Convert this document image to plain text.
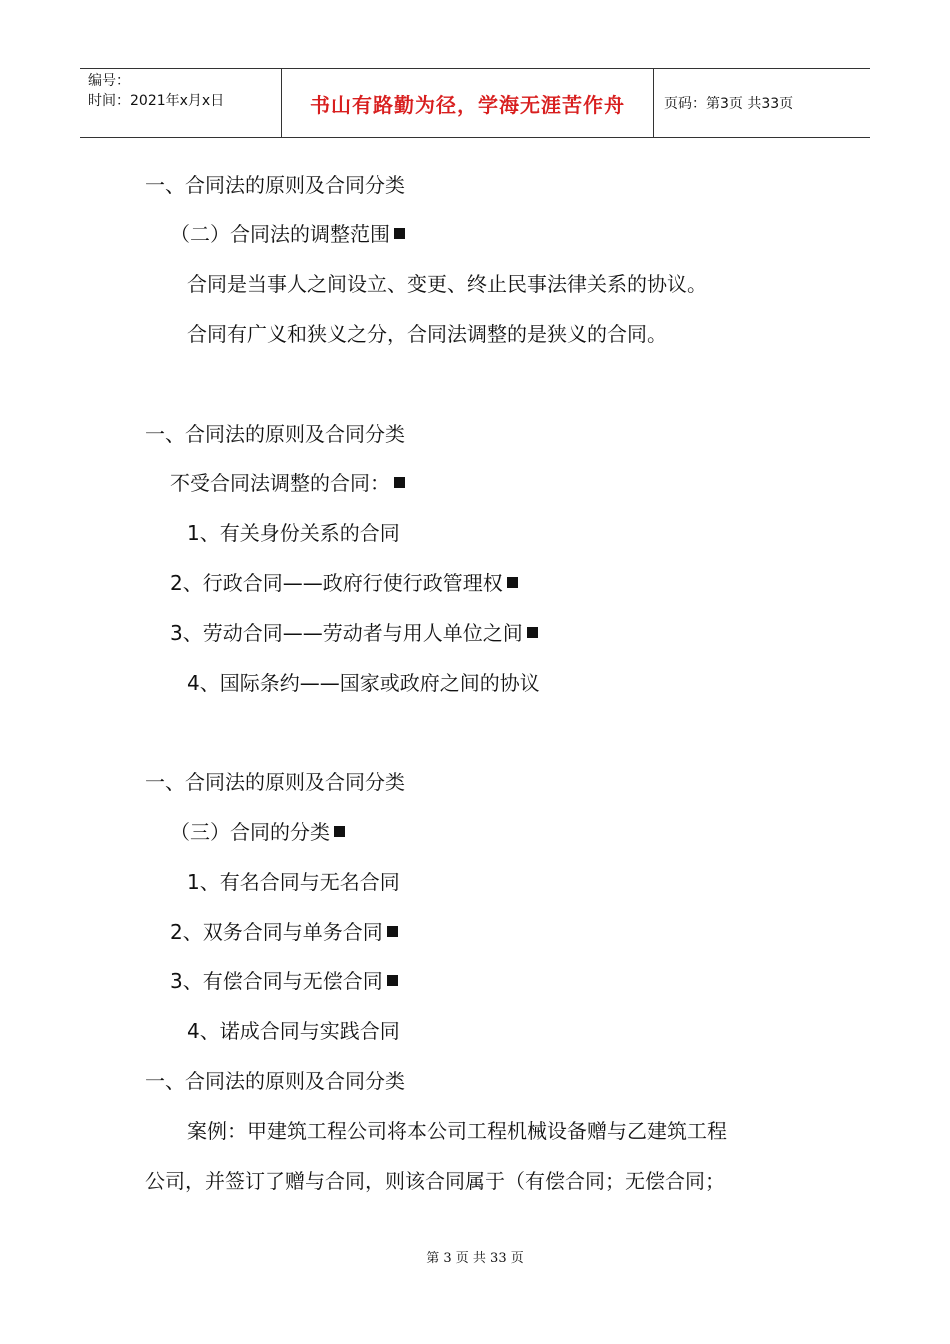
编号：
时间：2021年x月x日	书山有路勤为径，学海无涯苦作舟	页码：第3页 共33页
一、合同法的原则及合同分类
（二）合同法的调整范围
合同是当事人之间设立、变更、终止民事法律关系的协议。
合同有广义和狭义之分，合同法调整的是狭义的合同。
一、合同法的原则及合同分类
不受合同法调整的合同：
1、有关身份关系的合同
2、行政合同——政府行使行政管理权
3、劳动合同——劳动者与用人单位之间
4、国际条约——国家或政府之间的协议
一、合同法的原则及合同分类
（三）合同的分类
1、有名合同与无名合同
2、双务合同与单务合同
3、有偿合同与无偿合同
4、诺成合同与实践合同
一、合同法的原则及合同分类
案例：甲建筑工程公司将本公司工程机械设备赠与乙建筑工程
公司，并签订了赠与合同，则该合同属于（有偿合同；无偿合同；
第 3 页 共 33 页
